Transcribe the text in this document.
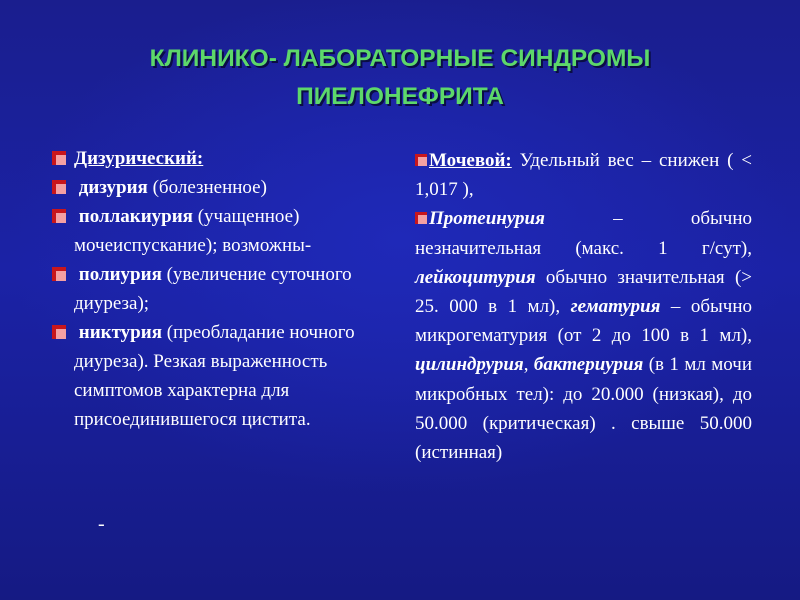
КЛИНИКО- ЛАБОРАТОРНЫЕ СИНДРОМЫ
ПИЕЛОНЕФРИТА
Дизурический:
дизурия (болезненное)
поллакиурия (учащенное) мочеиспускание); возможны-
полиурия (увеличение суточного диуреза);
никтурия (преобладание ночного диуреза). Резкая выраженность симптомов характерна для присоединившегося цистита.
-
Мочевой: Удельный вес – снижен ( < 1,017 ),
Протеинурия – обычно незначительная (макс. 1 г/сут), лейкоцитурия обычно значительная (> 25. 000 в 1 мл), гематурия – обычно микрогематурия (от 2 до 100 в 1 мл), цилиндрурия, бактериурия (в 1 мл мочи микробных тел): до 20.000 (низкая), до 50.000 (критическая) . свыше 50.000 (истинная)
